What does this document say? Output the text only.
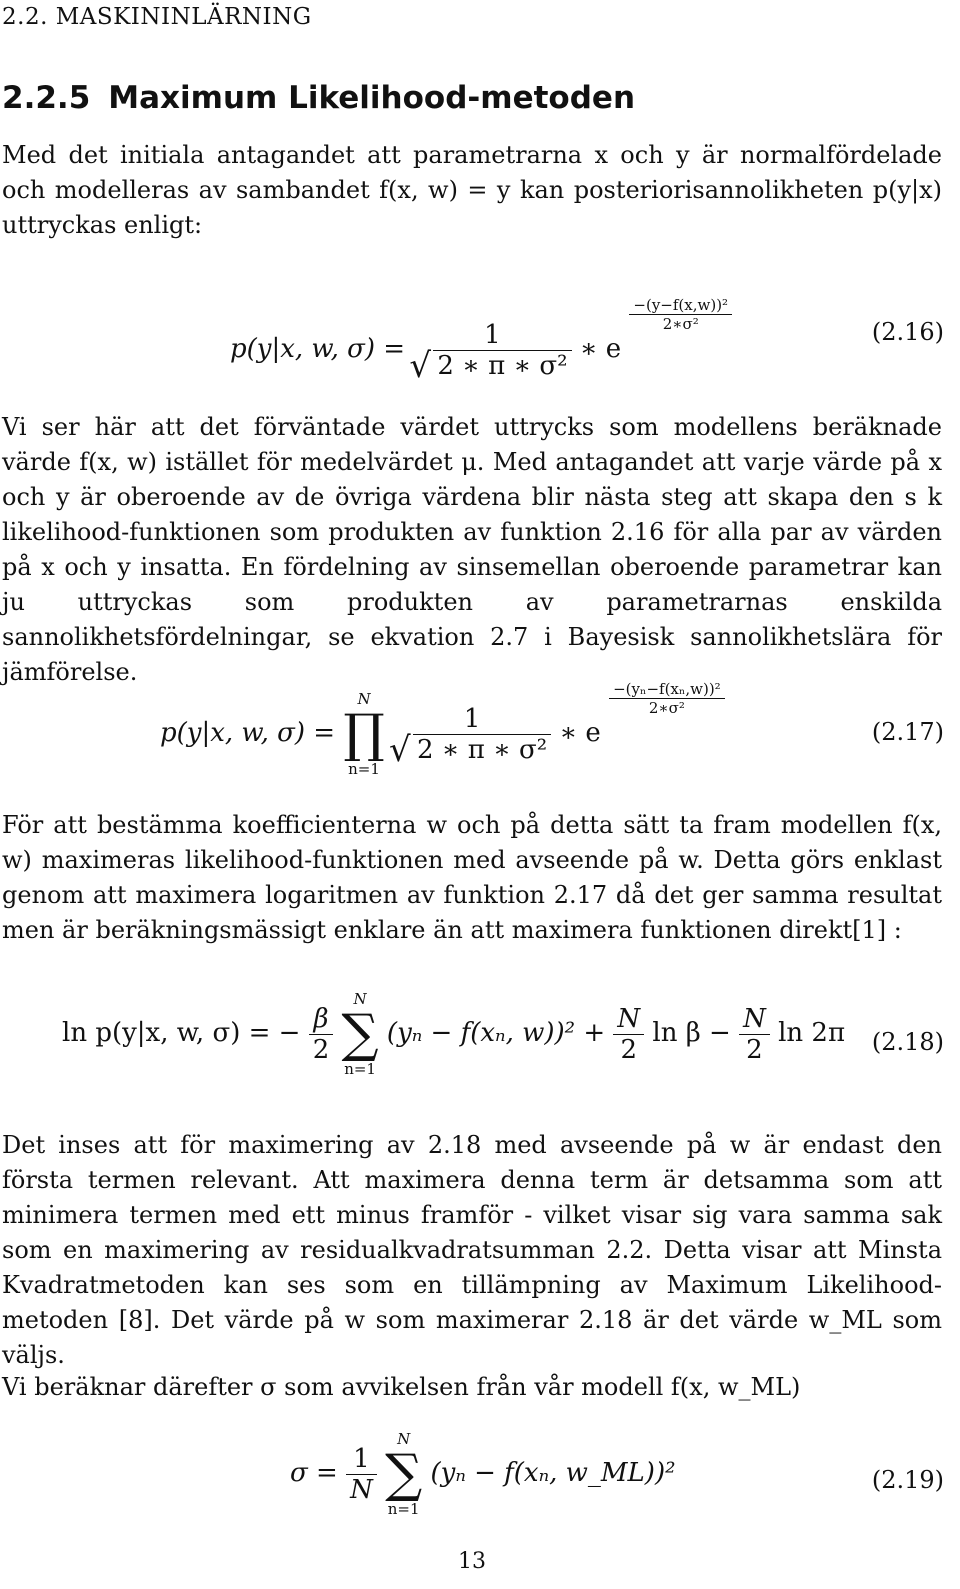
2.2. MASKININLÄRNING
2.2.5 Maximum Likelihood-metoden

Med det initiala antagandet att parametrarna x och y är normalfördelade och modelleras av sambandet f(x, w) = y kan posteriorisannolikheten p(y|x) uttryckas enligt:

p(y|x, w, σ) =	1
√ 2 ∗ π ∗ σ² ∗ e
$\frac{\text{−(y−f(x,w))²}}{\text{2∗σ²}}$	(2.16)

Vi ser här att det förväntade värdet uttrycks som modellens beräknade värde f(x, w) istället för medelvärdet μ. Med antagandet att varje värde på x och y är oberoende av de övriga värdena blir nästa steg att skapa den s k likelihood-funktionen som produkten av funktion 2.16 för alla par av värden på x och y insatta. En fördelning av sinsemellan oberoende parametrar kan ju uttryckas som produkten av parametrarnas enskilda sannolikhetsfördelningar, se ekvation 2.7 i Bayesisk sannolikhetslära för jämförelse.

p(y|x, w, σ) =
N
∏
n=1

1
√ 2 ∗ π ∗ σ² ∗ e
$\frac{\text{−(yₙ−f(xₙ,w))²}}{\text{2∗σ²}}$
(2.17)

För att bestämma koefficienterna w och på detta sätt ta fram modellen f(x, w) maximeras likelihood-funktionen med avseende på w. Detta görs enklast genom att maximera logaritmen av funktion 2.17 då det ger samma resultat men är beräkningsmässigt enklare än att maximera funktionen direkt[1] :

ln p(y|x, w, σ) = − $\frac{\beta}{2}$

N
∑
n=1
(yₙ − f(xₙ, $w))^2 + \frac{N}{2}$ $\ln \beta - \frac{N}{2}$ ln 2π (2.18)

Det inses att för maximering av 2.18 med avseende på w är endast den första termen relevant. Att maximera denna term är detsamma som att minimera termen med ett minus framför - vilket visar sig vara samma sak som en maximering av residualkvadratsumman 2.2. Detta visar att Minsta Kvadratmetoden kan ses som en tillämpning av Maximum Likelihood-metoden [8]. Det värde på w som maximerar 2.18 är det värde w_ML som väljs.

Vi beräknar därefter σ som avvikelsen från vår modell f(x, w_ML)

$\sigma = \frac{1}{N}$

N
∑
n=1
(yₙ − f(xₙ, w_ML))²	(2.19)
13
